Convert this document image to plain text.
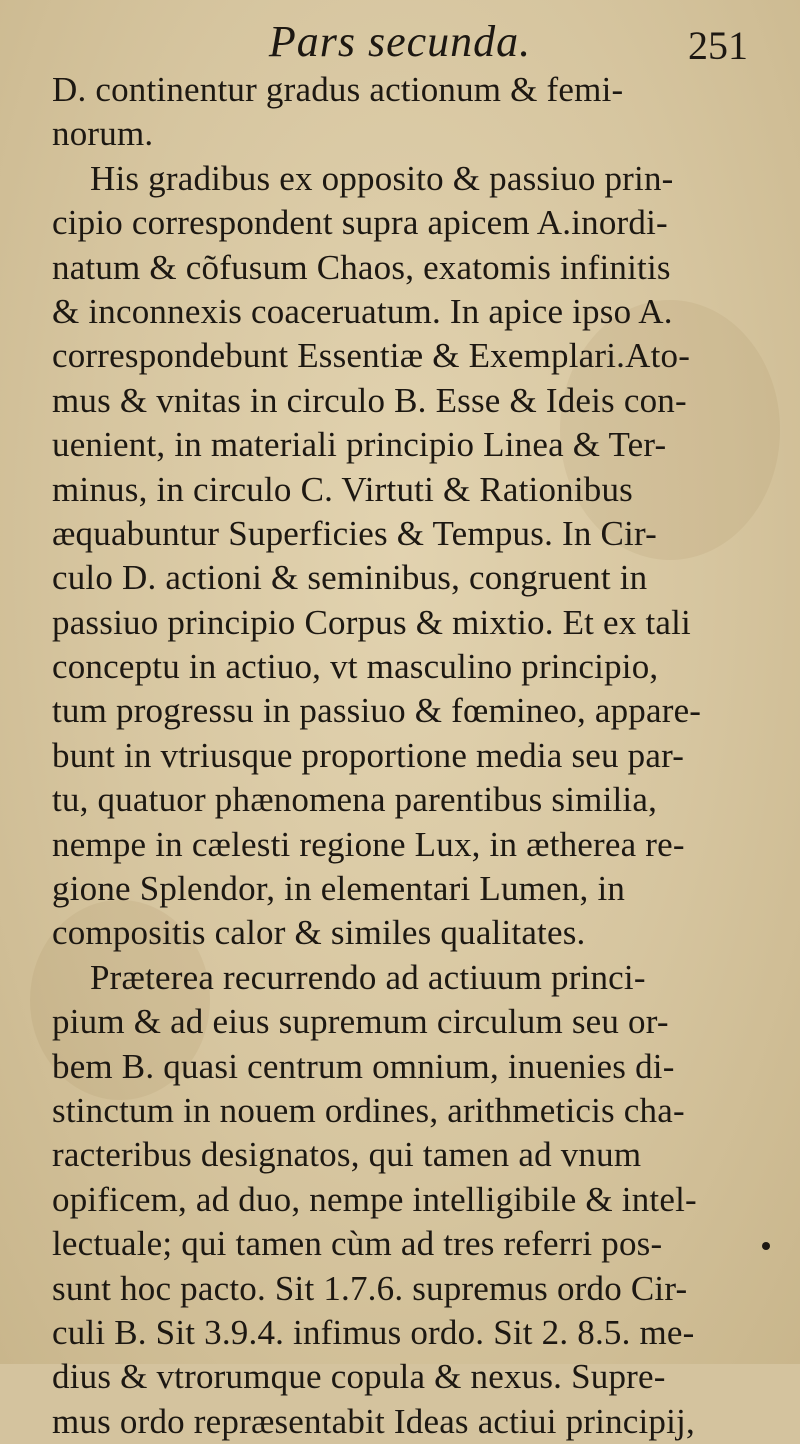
Pars secunda.	251
D. continentur gradus actionum & femi-
norum.
His gradibus ex opposito & passiuo prin-
cipio correspondent supra apicem A.inordi-
natum & cõfusum Chaos, exatomis infinitis
& inconnexis coaceruatum. In apice ipso A.
correspondebunt Essentiæ & Exemplari.Ato-
mus & vnitas in circulo B. Esse & Ideis con-
uenient, in materiali principio Linea & Ter-
minus, in circulo C. Virtuti & Rationibus
æquabuntur Superficies & Tempus. In Cir-
culo D. actioni & seminibus, congruent in
passiuo principio Corpus & mixtio. Et ex tali
conceptu in actiuo, vt masculino principio,
tum progressu in passiuo & fœmineo, appare-
bunt in vtriusque proportione media seu par-
tu, quatuor phænomena parentibus similia,
nempe in cælesti regione Lux, in ætherea re-
gione Splendor, in elementari Lumen, in
compositis calor & similes qualitates.
Præterea recurrendo ad actiuum princi-
pium & ad eius supremum circulum seu or-
bem B. quasi centrum omnium, inuenies di-
stinctum in nouem ordines, arithmeticis cha-
racteribus designatos, qui tamen ad vnum
opificem, ad duo, nempe intelligibile & intel-
lectuale; qui tamen cùm ad tres referri pos-
sunt hoc pacto. Sit 1.7.6. supremus ordo Cir-
culi B. Sit 3.9.4. infimus ordo. Sit 2. 8.5. me-
dius & vtrorumque copula & nexus. Supre-
mus ordo repræsentabit Ideas actiui principij,
